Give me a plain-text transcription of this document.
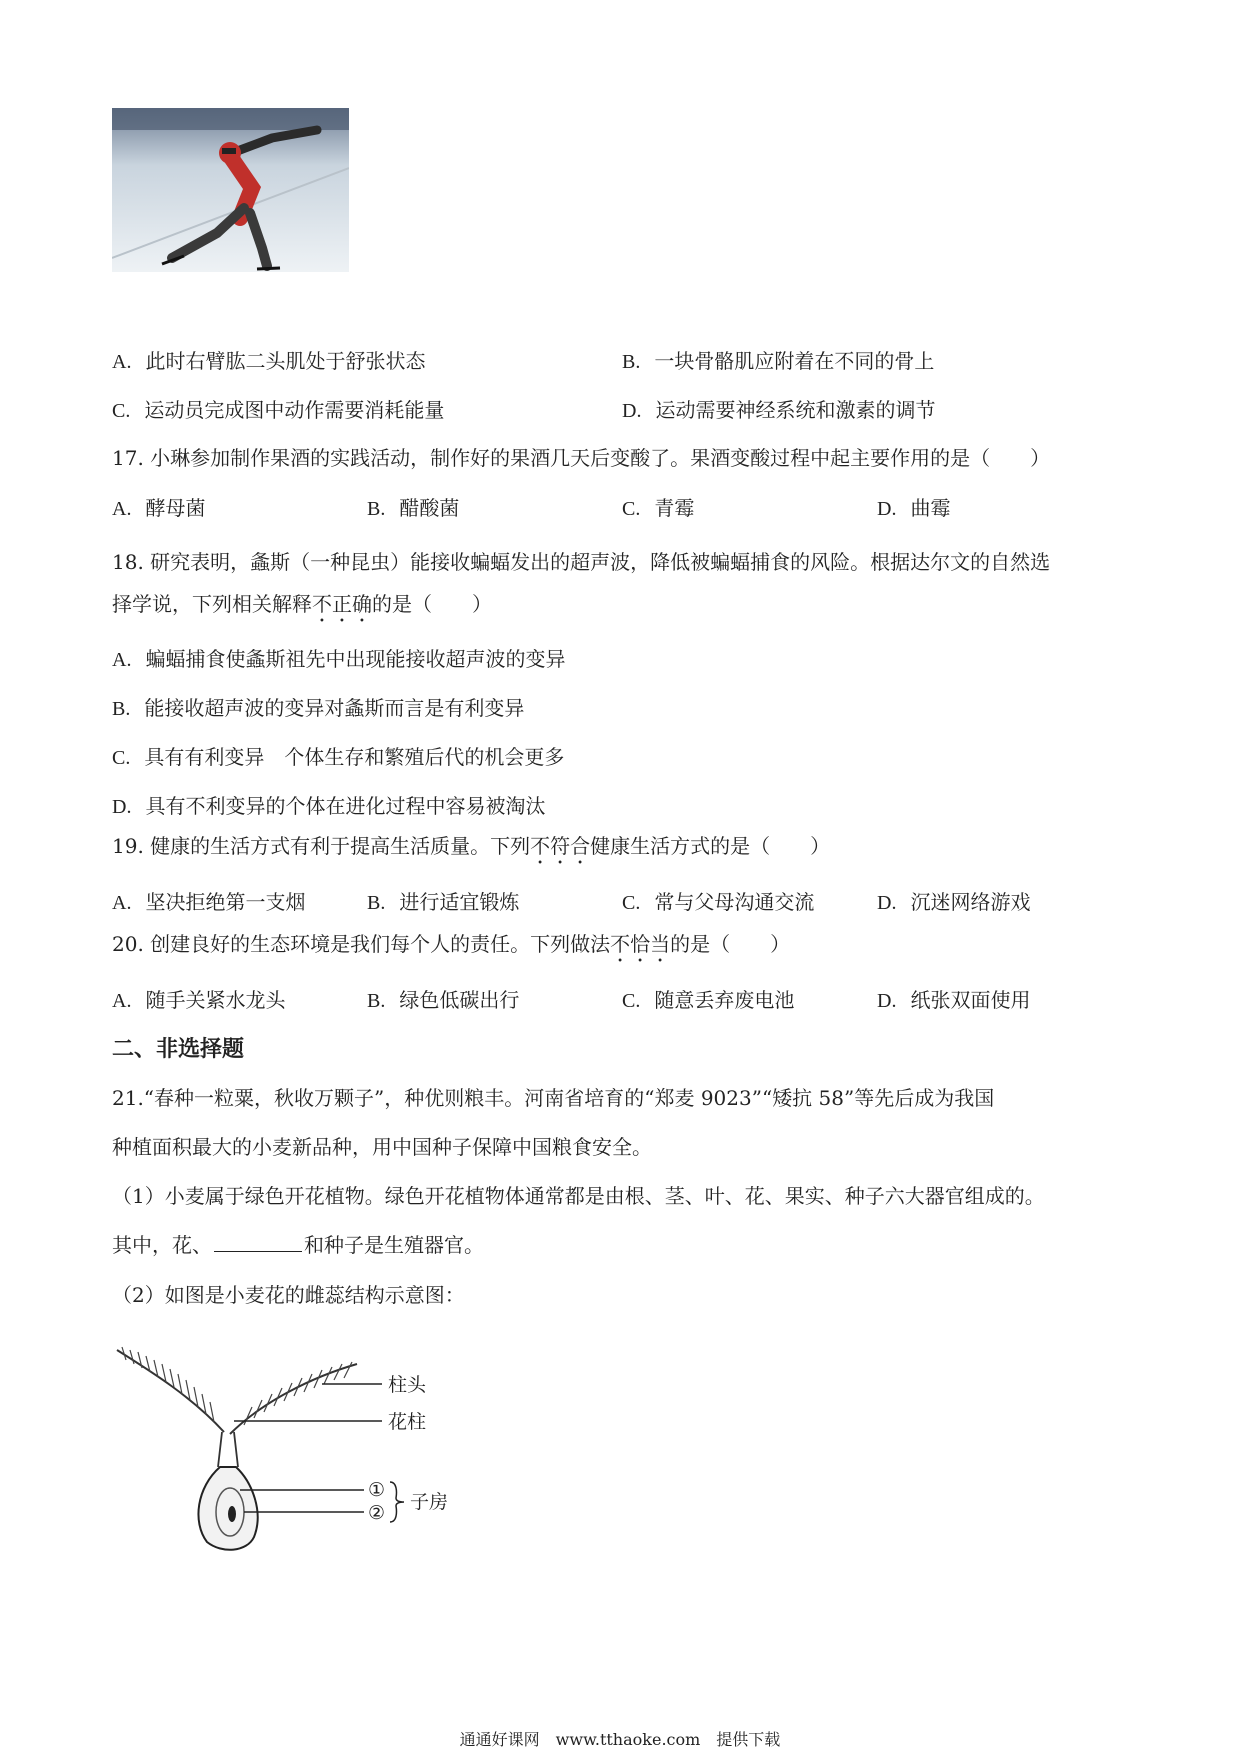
A. 此时右臂肱二头肌处于舒张状态	B. 一块骨骼肌应附着在不同的骨上
C. 运动员完成图中动作需要消耗能量	D. 运动需要神经系统和激素的调节
17. 小琳参加制作果酒的实践活动，制作好的果酒几天后变酸了。果酒变酸过程中起主要作用的是（　　）
A. 酵母菌	B. 醋酸菌	C. 青霉	D. 曲霉
18. 研究表明，螽斯（一种昆虫）能接收蝙蝠发出的超声波，降低被蝙蝠捕食的风险。根据达尔文的自然选
择学说，下列相关解释不正确的是（　　）
A. 蝙蝠捕食使螽斯祖先中出现能接收超声波的变异
B. 能接收超声波的变异对螽斯而言是有利变异
C. 具有有利变异　个体生存和繁殖后代的机会更多
D. 具有不利变异的个体在进化过程中容易被淘汰
19. 健康的生活方式有利于提高生活质量。下列不符合健康生活方式的是（　　）
A. 坚决拒绝第一支烟	B. 进行适宜锻炼	C. 常与父母沟通交流	D. 沉迷网络游戏
20. 创建良好的生态环境是我们每个人的责任。下列做法不恰当的是（　　）
A. 随手关紧水龙头	B. 绿色低碳出行	C. 随意丢弃废电池	D. 纸张双面使用
二、非选择题
21.“春种一粒粟，秋收万颗子”，种优则粮丰。河南省培育的“郑麦 9023”“矮抗 58”等先后成为我国
种植面积最大的小麦新品种，用中国种子保障中国粮食安全。
（1）小麦属于绿色开花植物。绿色开花植物体通常都是由根、茎、叶、花、果实、种子六大器官组成的。
其中，花、	和种子是生殖器官。
（2）如图是小麦花的雌蕊结构示意图：
柱头
花柱
①
② 子房
通通好课网　www.tthaoke.com　提供下载
